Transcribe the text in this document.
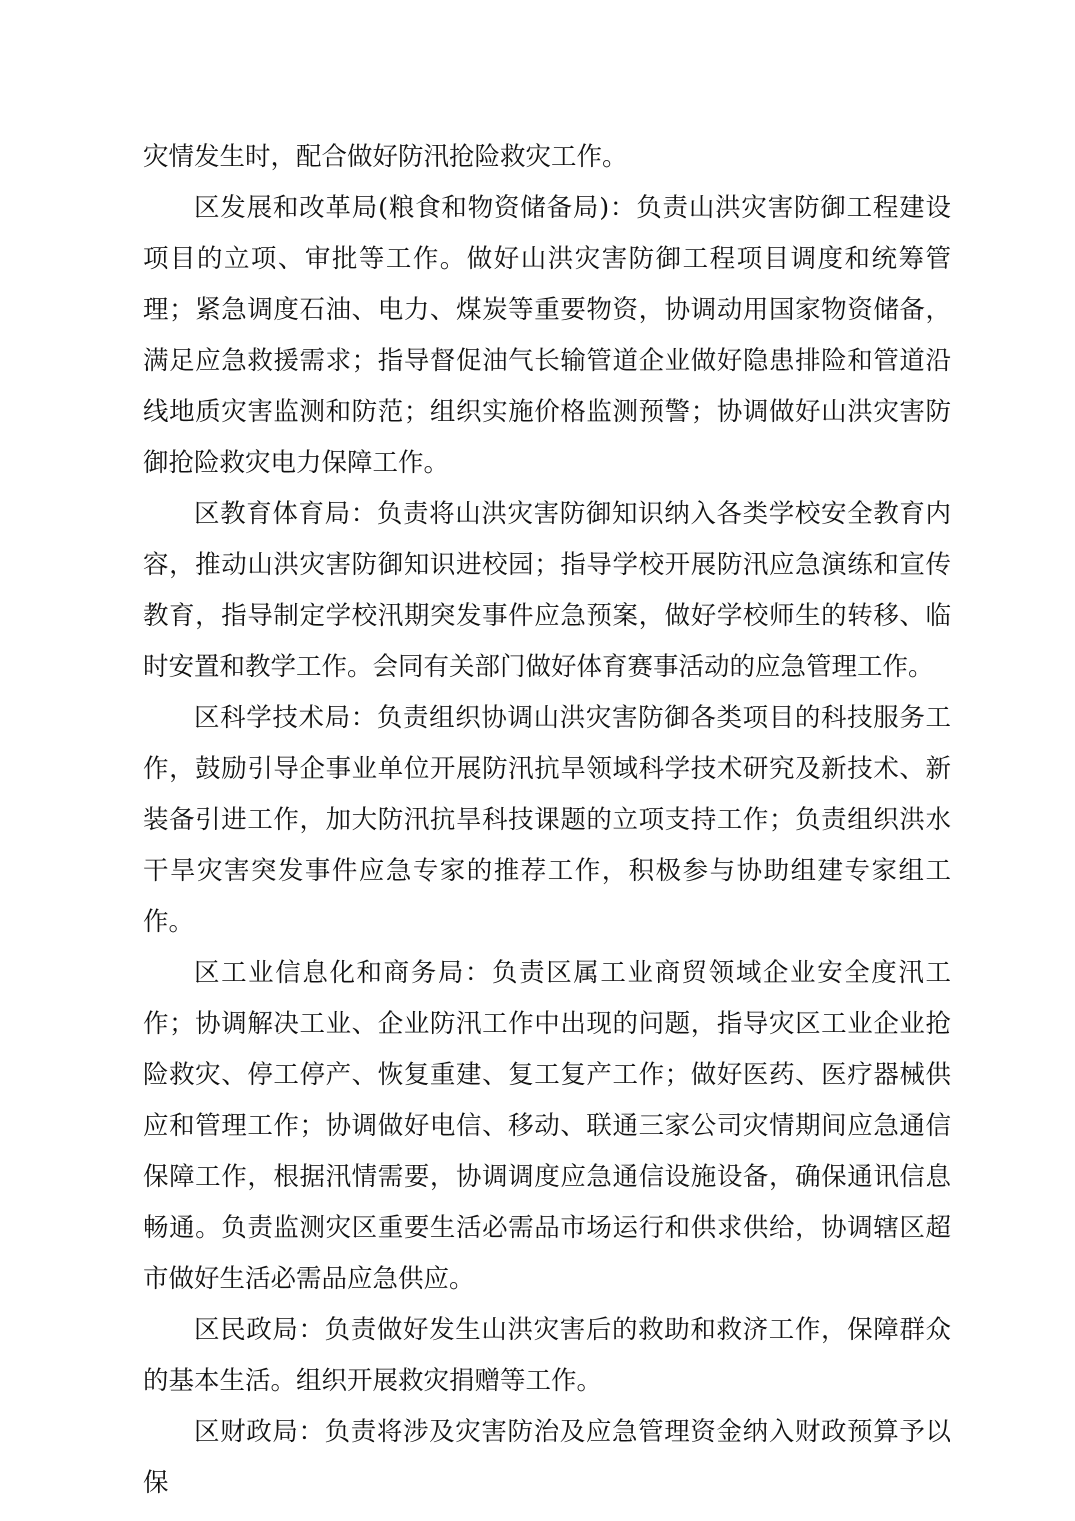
灾情发生时，配合做好防汛抢险救灾工作。

区发展和改革局(粮食和物资储备局)：负责山洪灾害防御工程建设项目的立项、审批等工作。做好山洪灾害防御工程项目调度和统筹管理；紧急调度石油、电力、煤炭等重要物资，协调动用国家物资储备，满足应急救援需求；指导督促油气长输管道企业做好隐患排险和管道沿线地质灾害监测和防范；组织实施价格监测预警；协调做好山洪灾害防御抢险救灾电力保障工作。

区教育体育局：负责将山洪灾害防御知识纳入各类学校安全教育内容，推动山洪灾害防御知识进校园；指导学校开展防汛应急演练和宣传教育，指导制定学校汛期突发事件应急预案，做好学校师生的转移、临时安置和教学工作。会同有关部门做好体育赛事活动的应急管理工作。

区科学技术局：负责组织协调山洪灾害防御各类项目的科技服务工作，鼓励引导企事业单位开展防汛抗旱领域科学技术研究及新技术、新装备引进工作，加大防汛抗旱科技课题的立项支持工作；负责组织洪水干旱灾害突发事件应急专家的推荐工作，积极参与协助组建专家组工作。

区工业信息化和商务局：负责区属工业商贸领域企业安全度汛工作；协调解决工业、企业防汛工作中出现的问题，指导灾区工业企业抢险救灾、停工停产、恢复重建、复工复产工作；做好医药、医疗器械供应和管理工作；协调做好电信、移动、联通三家公司灾情期间应急通信保障工作，根据汛情需要，协调调度应急通信设施设备，确保通讯信息畅通。负责监测灾区重要生活必需品市场运行和供求供给，协调辖区超市做好生活必需品应急供应。

区民政局：负责做好发生山洪灾害后的救助和救济工作，保障群众的基本生活。组织开展救灾捐赠等工作。

区财政局：负责将涉及灾害防治及应急管理资金纳入财政预算予以保
